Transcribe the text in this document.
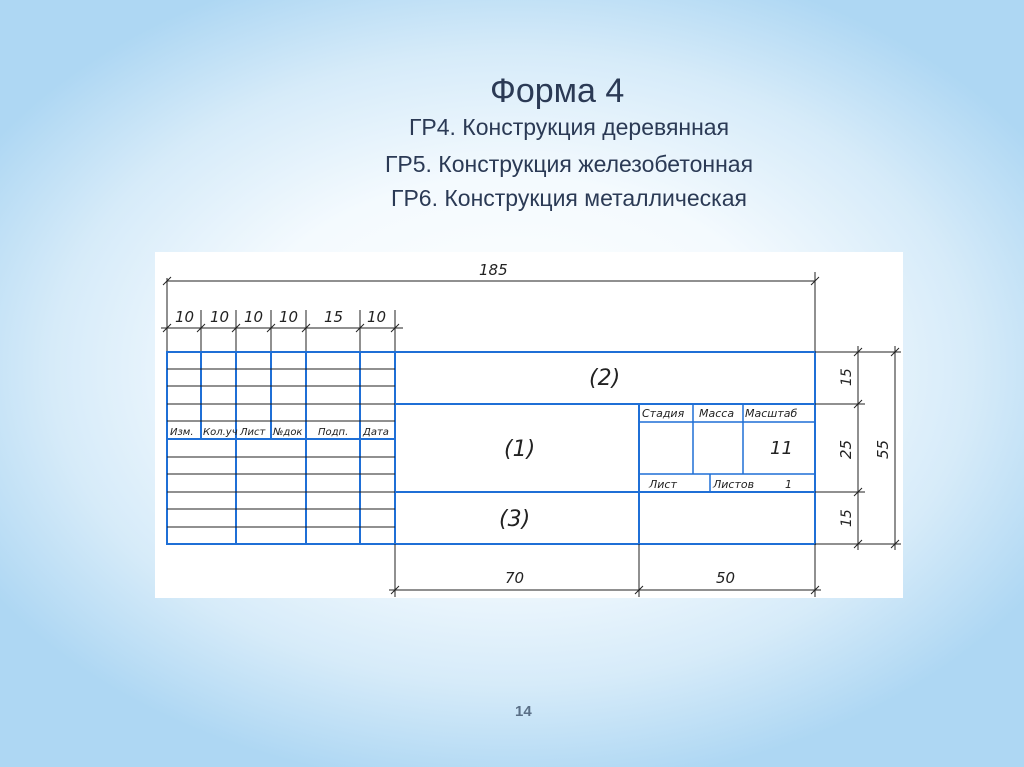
Форма 4
ГР4. Конструкция деревянная
ГР5. Конструкция железобетонная
ГР6. Конструкция металлическая
185
10 10 10 10 15 10
Изм. Кол.уч Лист №док Подп. Дата
(2)
(1)
(3)
Стадия Масса Масштаб
11
Лист	Листов	1
15
25
15
55
70	50
14
